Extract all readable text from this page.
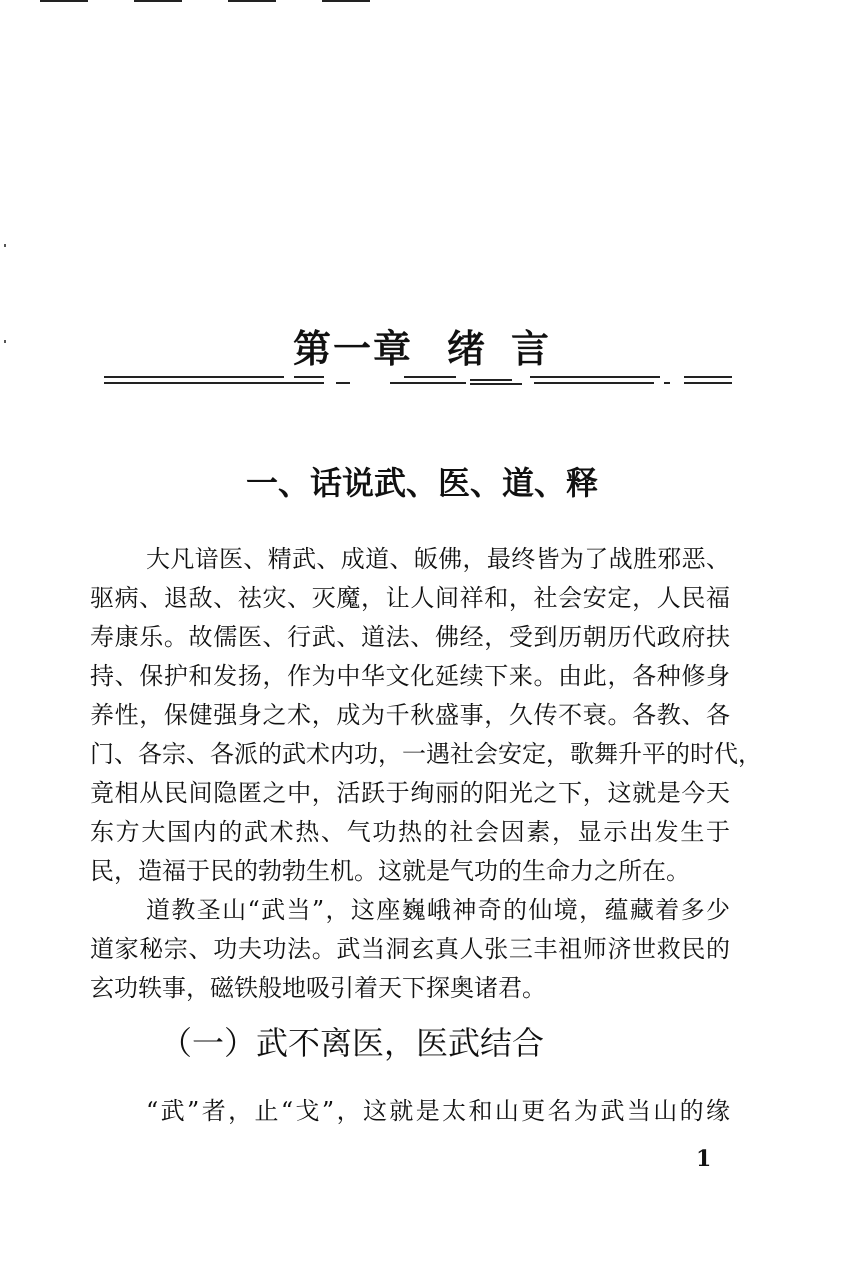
第一章 绪 言
一、话说武、医、道、释
大凡谙医、精武、成道、皈佛，最终皆为了战胜邪恶、
驱病、退敌、祛灾、灭魔，让人间祥和，社会安定，人民福
寿康乐。故儒医、行武、道法、佛经，受到历朝历代政府扶
持、保护和发扬，作为中华文化延续下来。由此，各种修身
养性，保健强身之术，成为千秋盛事，久传不衰。各教、各
门、各宗、各派的武术内功，一遇社会安定，歌舞升平的时代，
竟相从民间隐匿之中，活跃于绚丽的阳光之下，这就是今天
东方大国内的武术热、气功热的社会因素，显示出发生于
民，造福于民的勃勃生机。这就是气功的生命力之所在。
道教圣山“武当”，这座巍峨神奇的仙境，蕴藏着多少
道家秘宗、功夫功法。武当洞玄真人张三丰祖师济世救民的
玄功轶事，磁铁般地吸引着天下探奥诸君。
（一）武不离医，医武结合
“武”者，止“戈”，这就是太和山更名为武当山的缘
1
